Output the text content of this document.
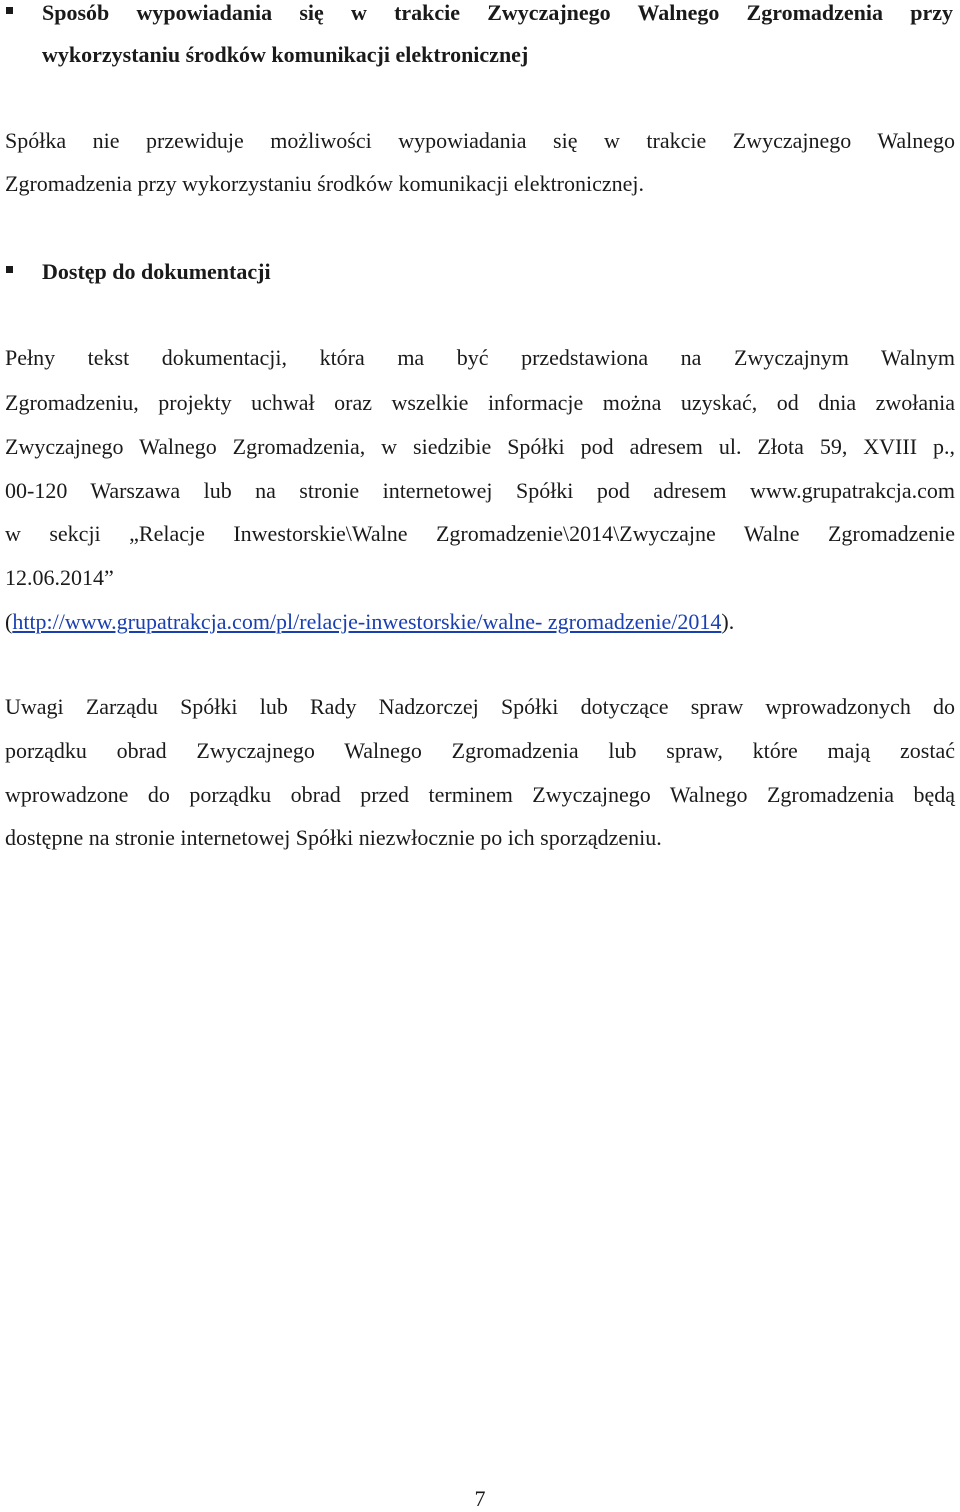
Sposób wypowiadania się w trakcie Zwyczajnego Walnego Zgromadzenia przy
wykorzystaniu środków komunikacji elektronicznej
Spółka nie przewiduje możliwości wypowiadania się w trakcie Zwyczajnego Walnego
Zgromadzenia przy wykorzystaniu środków komunikacji elektronicznej.
Dostęp do dokumentacji
Pełny tekst dokumentacji, która ma być przedstawiona na Zwyczajnym Walnym
Zgromadzeniu, projekty uchwał oraz wszelkie informacje można uzyskać, od dnia zwołania
Zwyczajnego Walnego Zgromadzenia, w siedzibie Spółki pod adresem ul. Złota 59, XVIII p.,
00-120 Warszawa lub na stronie internetowej Spółki pod adresem www.grupatrakcja.com
w sekcji „Relacje Inwestorskie\Walne Zgromadzenie\2014\Zwyczajne Walne Zgromadzenie
12.06.2014”
(http://www.grupatrakcja.com/pl/relacje-inwestorskie/walne- zgromadzenie/2014).
Uwagi Zarządu Spółki lub Rady Nadzorczej Spółki dotyczące spraw wprowadzonych do
porządku obrad Zwyczajnego Walnego Zgromadzenia lub spraw, które mają zostać
wprowadzone do porządku obrad przed terminem Zwyczajnego Walnego Zgromadzenia będą
dostępne na stronie internetowej Spółki niezwłocznie po ich sporządzeniu.
7
